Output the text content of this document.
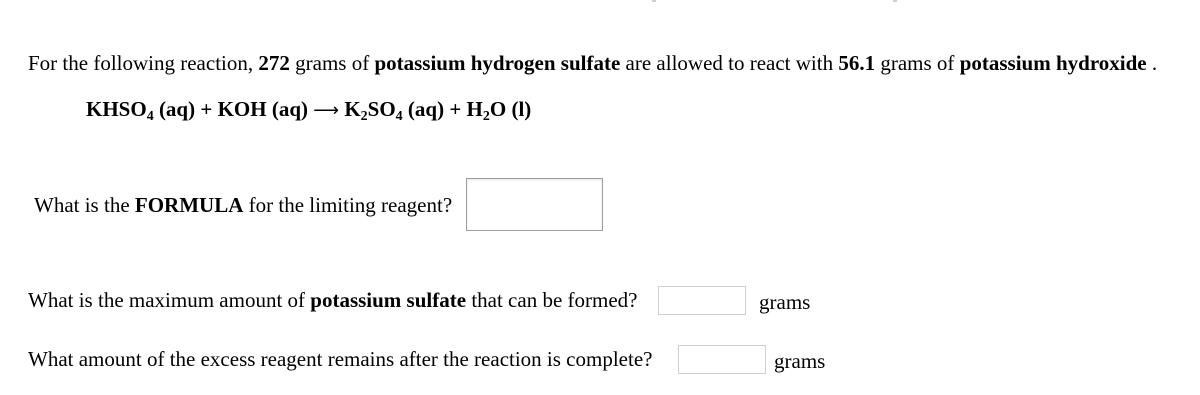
For the following reaction, 272 grams of potassium hydrogen sulfate are allowed to react with 56.1 grams of potassium hydroxide .
$KHSO_4$ (aq) + KOH (aq) ⟶ $K_2SO_4$ $(aq) + H_2O$ (l)
What is the FORMULA for the limiting reagent?
What is the maximum amount of potassium sulfate that can be formed?	grams
What amount of the excess reagent remains after the reaction is complete?	grams
